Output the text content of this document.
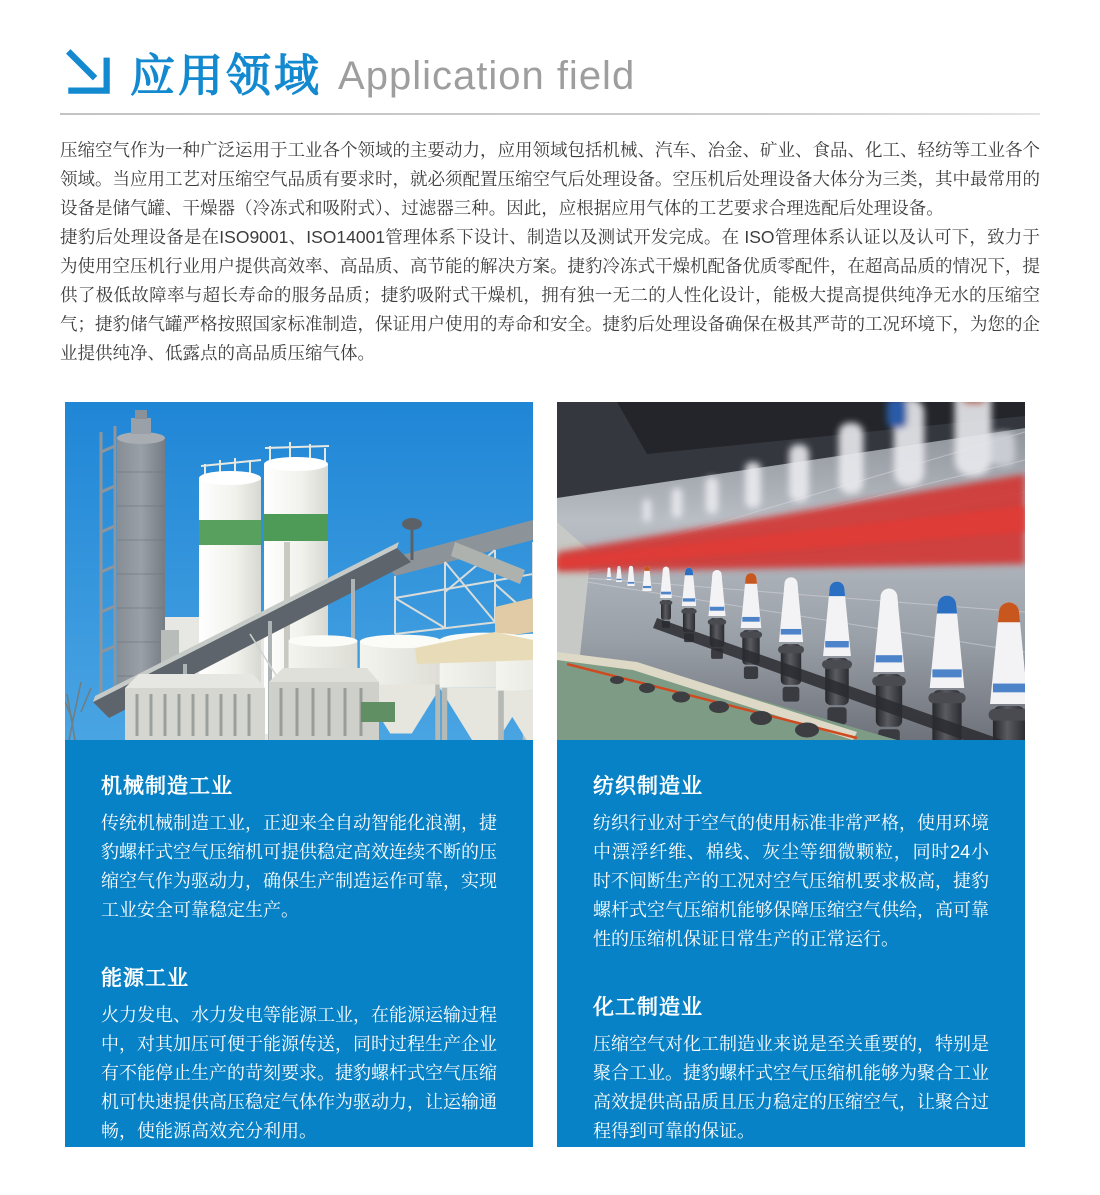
应用领域 Application field

压缩空气作为一种广泛运用于工业各个领域的主要动力，应用领域包括机械、汽车、冶金、矿业、食品、化工、轻纺等工业各个领域。当应用工艺对压缩空气品质有要求时，就必须配置压缩空气后处理设备。空压机后处理设备大体分为三类，其中最常用的设备是储气罐、干燥器（冷冻式和吸附式）、过滤器三种。因此，应根据应用气体的工艺要求合理选配后处理设备。

捷豹后处理设备是在ISO9001、ISO14001管理体系下设计、制造以及测试开发完成。在 ISO管理体系认证以及认可下，致力于为使用空压机行业用户提供高效率、高品质、高节能的解决方案。捷豹冷冻式干燥机配备优质零配件，在超高品质的情况下，提供了极低故障率与超长寿命的服务品质；捷豹吸附式干燥机，拥有独一无二的人性化设计，能极大提高提供纯净无水的压缩空气；捷豹储气罐严格按照国家标准制造，保证用户使用的寿命和安全。捷豹后处理设备确保在极其严苛的工况环境下，为您的企业提供纯净、低露点的高品质压缩气体。

机械制造工业

传统机械制造工业，正迎来全自动智能化浪潮，捷豹螺杆式空气压缩机可提供稳定高效连续不断的压缩空气作为驱动力，确保生产制造运作可靠，实现工业安全可靠稳定生产。

能源工业

火力发电、水力发电等能源工业，在能源运输过程中，对其加压可便于能源传送，同时过程生产企业有不能停止生产的苛刻要求。捷豹螺杆式空气压缩机可快速提供高压稳定气体作为驱动力，让运输通畅，使能源高效充分利用。

纺织制造业

纺织行业对于空气的使用标准非常严格，使用环境中漂浮纤维、棉线、灰尘等细微颗粒，同时24小时不间断生产的工况对空气压缩机要求极高，捷豹螺杆式空气压缩机能够保障压缩空气供给，高可靠性的压缩机保证日常生产的正常运行。

化工制造业

压缩空气对化工制造业来说是至关重要的，特别是聚合工业。捷豹螺杆式空气压缩机能够为聚合工业高效提供高品质且压力稳定的压缩空气，让聚合过程得到可靠的保证。
